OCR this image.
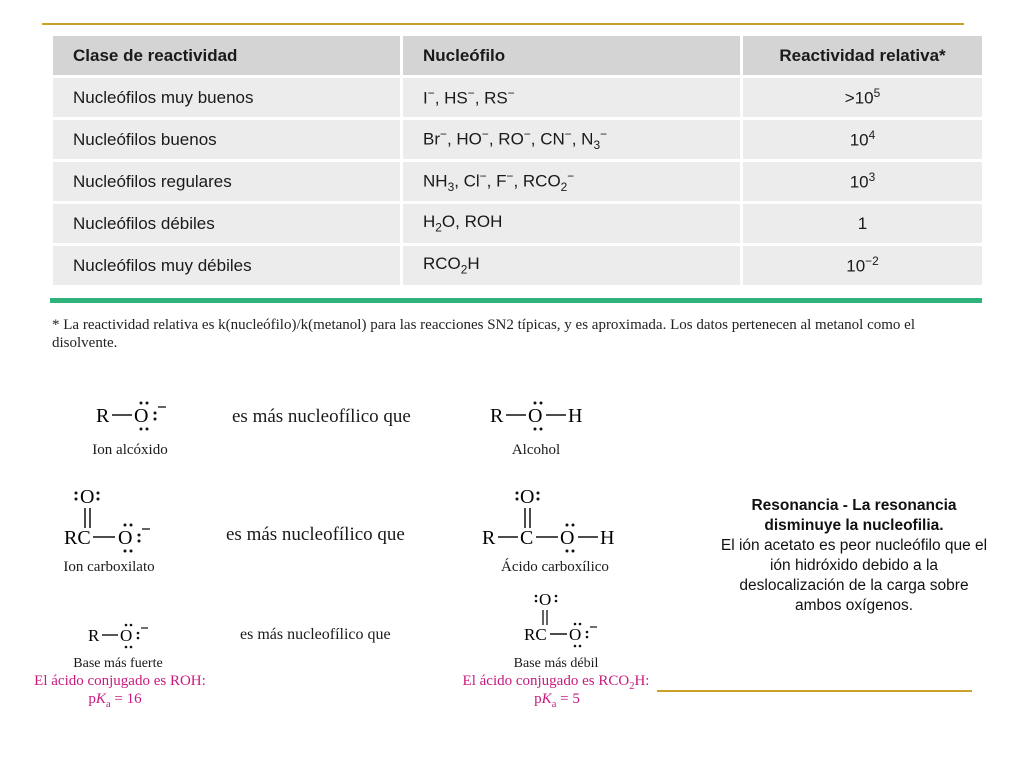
Clase de reactividad	Nucleófilo	Reactividad relativa*
Nucleófilos muy buenos	I−, HS−, RS−	$>10^5$
Nucleófilos buenos	Br−, HO−, RO−, CN−, $N_3^-$	$10^4$
Nucleófilos regulares	$NH_3$, Cl−, F−, $RCO_2^-$	$10^3$
Nucleófilos débiles	$H_2O$, ROH	1
Nucleófilos muy débiles	$RCO_2H$	$10^{-2}$
* La reactividad relativa es k(nucleófilo)/k(metanol) para las reacciones SN2 típicas, y es aproximada. Los datos pertenecen al metanol como el disolvente.
R O
Ion alcóxido
es más nucleofílico que	R O H
Alcohol
O
RC O
Ion carboxilato
es más nucleofílico que
O
R C O H
Ácido carboxílico
R O
Base más fuerte
El ácido conjugado es ROH:
$pK_a = 16$
es más nucleofílico que
O
RC O
Base más débil
El ácido conjugado es $RCO_2H$:
$pK_a = 5$
Resonancia - La resonancia disminuye la nucleofilia.
El ión acetato es peor nucleófilo que el ión hidróxido debido a la deslocalización de la carga sobre ambos oxígenos.
